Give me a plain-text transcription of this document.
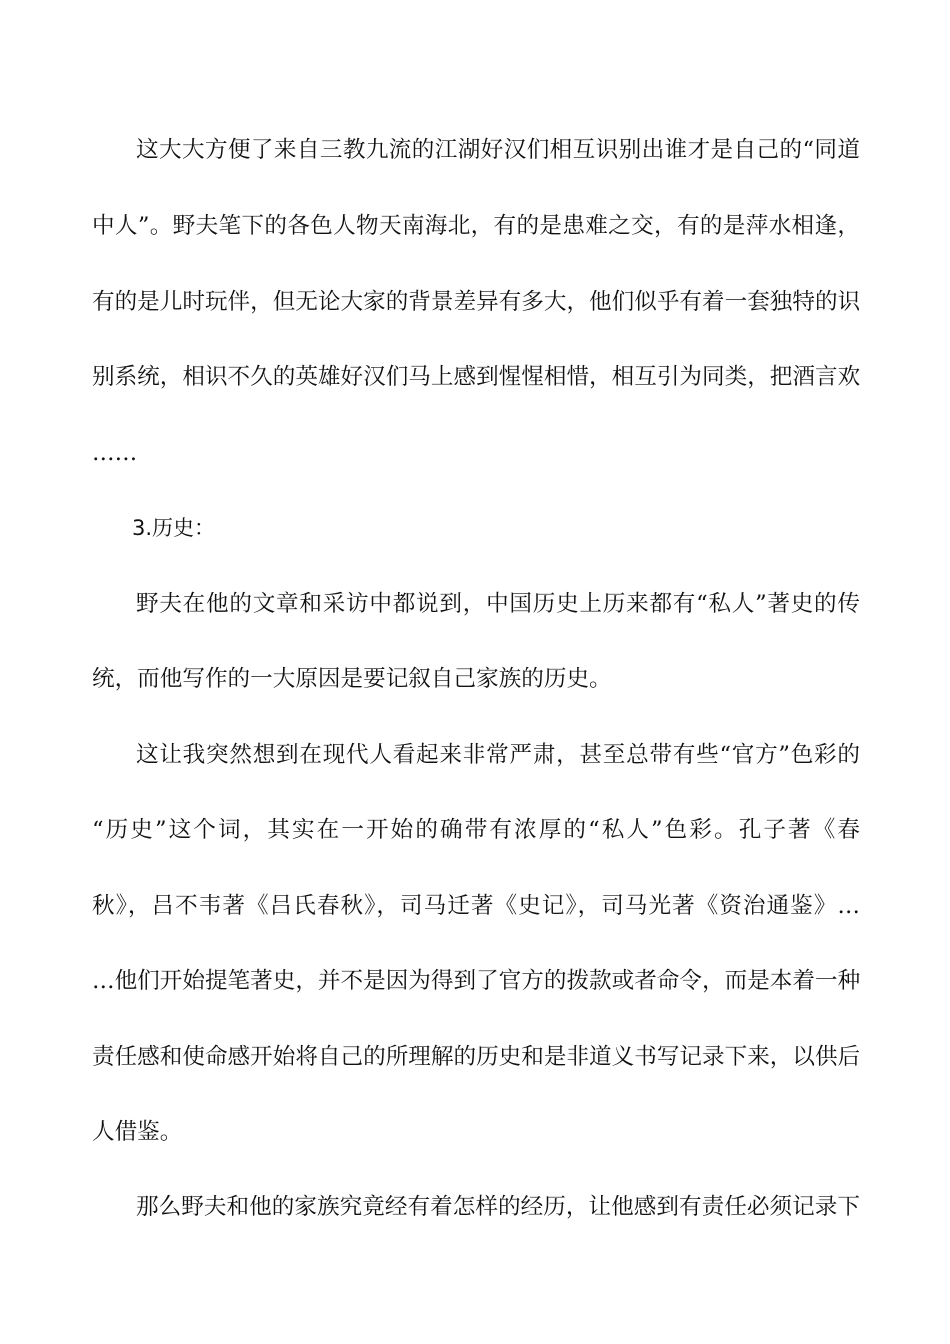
这大大方便了来自三教九流的江湖好汉们相互识别出谁才是自己的“同道
中人”。野夫笔下的各色人物天南海北，有的是患难之交，有的是萍水相逢，
有的是儿时玩伴，但无论大家的背景差异有多大，他们似乎有着一套独特的识
别系统，相识不久的英雄好汉们马上感到惺惺相惜，相互引为同类，把酒言欢
……
3.历史：
野夫在他的文章和采访中都说到，中国历史上历来都有“私人”著史的传
统，而他写作的一大原因是要记叙自己家族的历史。
这让我突然想到在现代人看起来非常严肃，甚至总带有些“官方”色彩的
“历史”这个词，其实在一开始的确带有浓厚的“私人”色彩。孔子著《春
秋》，吕不韦著《吕氏春秋》，司马迁著《史记》，司马光著《资治通鉴》…
…他们开始提笔著史，并不是因为得到了官方的拨款或者命令，而是本着一种
责任感和使命感开始将自己的所理解的历史和是非道义书写记录下来，以供后
人借鉴。
那么野夫和他的家族究竟经有着怎样的经历，让他感到有责任必须记录下
